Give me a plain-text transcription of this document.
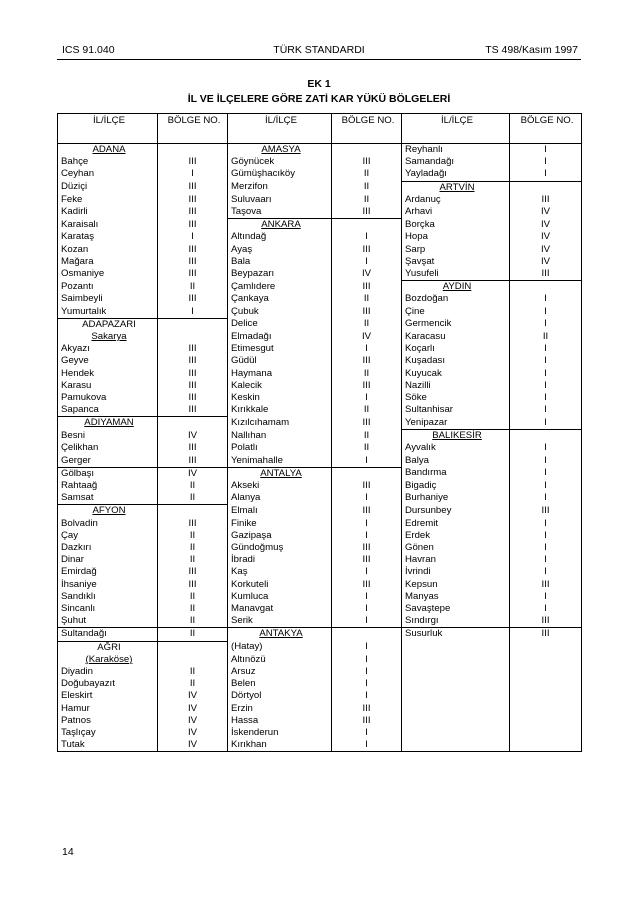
ICS 91.040	TÜRK STANDARDI	TS 498/Kasım 1997
EK 1
İL VE İLÇELERE GÖRE ZATİ KAR YÜKÜ BÖLGELERİ
İL/İLÇE	BÖLGE NO.	İL/İLÇE	BÖLGE NO.	İL/İLÇE	BÖLGE NO.
ADANA		AMASYA		Reyhanlı	I
Bahçe	III	Göynücek	III	Samandağı	I
Ceyhan	I	Gümüşhacıköy	II	Yayladağı	I
Düziçi	III	Merzifon	II	ARTVİN	
Feke	III	Suluvaarı	II	Ardanuç	III
Kadirli	III	Taşova	III	Arhavi	IV
Karaisalı	III	ANKARA		Borçka	IV
Karataş	I	Altındağ	I	Hopa	IV
Kozan	III	Ayaş	III	Sarp	IV
Mağara	III	Bala	I	Şavşat	IV
Osmaniye	III	Beypazarı	IV	Yusufeli	III
Pozantı	II	Çamlıdere	III	AYDIN	
Saimbeyli	III	Çankaya	II	Bozdoğan	I
Yumurtalık	I	Çubuk	III	Çine	I
ADAPAZARI		Delice	II	Germencik	I
Sakarya		Elmadağı	IV	Karacasu	II
Akyazı	III	Etimesgut	I	Koçarlı	I
Geyve	III	Güdül	III	Kuşadası	I
Hendek	III	Haymana	II	Kuyucak	I
Karasu	III	Kalecik	III	Nazilli	I
Pamukova	III	Keskin	I	Söke	I
Sapanca	III	Kırıkkale	II	Sultanhisar	I
ADIYAMAN		Kızılcıhamam	III	Yenipazar	I
Besni	IV	Nallıhan	II	BALIKESİR	
Çelikhan	III	Polatlı	II	Ayvalık	I
Gerger	III	Yenimahalle	I	Balya	I
Gölbaşı	IV	ANTALYA		Bandırma	I
Rahtaağ	II	Akseki	III	Bigadiç	I
Samsat	II	Alanya	I	Burhaniye	I
AFYON		Elmalı	III	Dursunbey	III
Bolvadin	III	Finike	I	Edremit	I
Çay	II	Gazipaşa	I	Erdek	I
Dazkırı	II	Gündoğmuş	III	Gönen	I
Dinar	II	İbradi	III	Havran	I
Emirdağ	III	Kaş	I	İvrindi	I
İhsaniye	III	Korkuteli	III	Kepsun	III
Sandıklı	II	Kumluca	I	Manyas	I
Sincanlı	II	Manavgat	I	Savaştepe	I
Şuhut	II	Serik	I	Sındırgı	III
Sultandağı	II	ANTAKYA		Susurluk	III
AĞRI		(Hatay)	I		
(Karaköse)		Altınözü	I		
Diyadin	II	Arsuz	I		
Doğubayazıt	II	Belen	I		
Eleskirt	IV	Dörtyol	I		
Hamur	IV	Erzin	III		
Patnos	IV	Hassa	III		
Taşlıçay	IV	İskenderun	I		
Tutak	IV	Kırıkhan	I		
14
